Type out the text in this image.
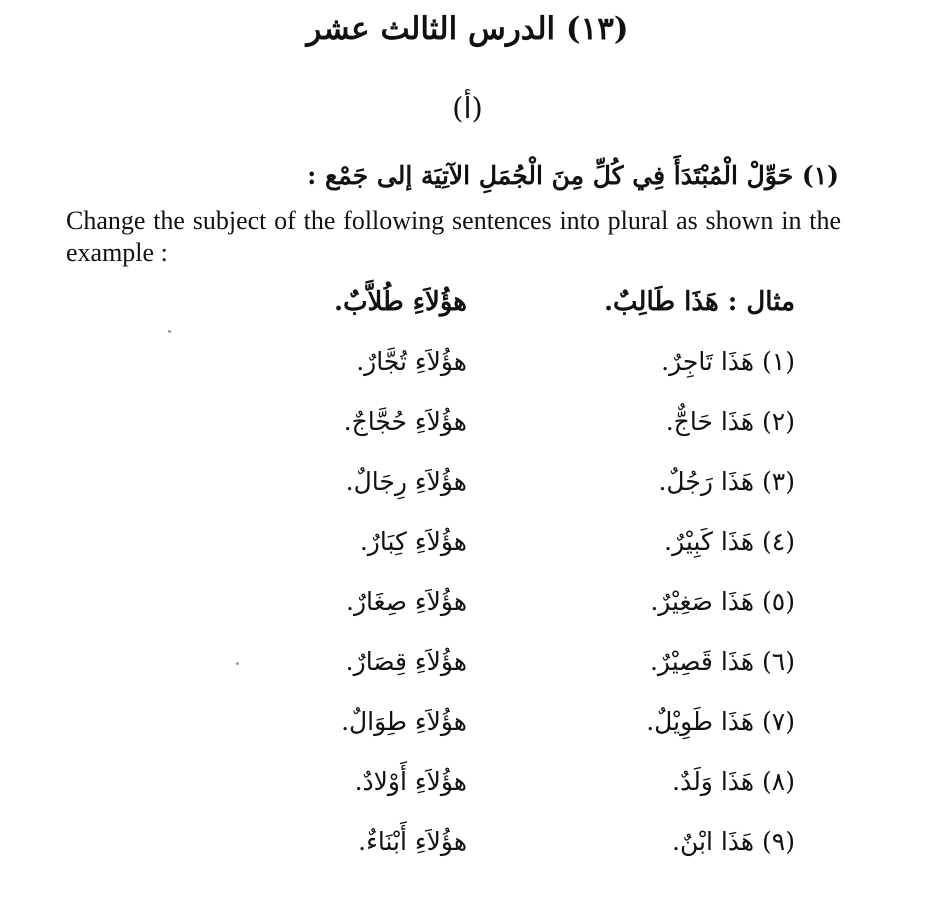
(١٣) الدرس الثالث عشر
(أ)
(١) حَوِّلْ الْمُبْتَدَأَ فِي كُلِّ مِنَ الْجُمَلِ الآتِيَة إلى جَمْع :
Change the subject of the following sentences into plural as shown in the example :
مثال : هَذَا طَالِبٌ.
هؤُلاَءِ طُلاَّبٌ.
(١) هَذَا تَاجِرٌ.
هؤُلاَءِ تُجَّارٌ.
(٢) هَذَا حَاجٌّ.
هؤُلاَءِ حُجَّاجٌ.
(٣) هَذَا رَجُلٌ.
هؤُلاَءِ رِجَالٌ.
(٤) هَذَا كَبِيْرٌ.
هؤُلاَءِ كِبَارٌ.
(٥) هَذَا صَغِيْرٌ.
هؤُلاَءِ صِغَارٌ.
(٦) هَذَا قَصِيْرٌ.
هؤُلاَءِ قِصَارٌ.
(٧) هَذَا طَوِيْلٌ.
هؤُلاَءِ طِوَالٌ.
(٨) هَذَا وَلَدٌ.
هؤُلاَءِ أَوْلادٌ.
(٩) هَذَا ابْنٌ.
هؤُلاَءِ أَبْنَاءٌ.
